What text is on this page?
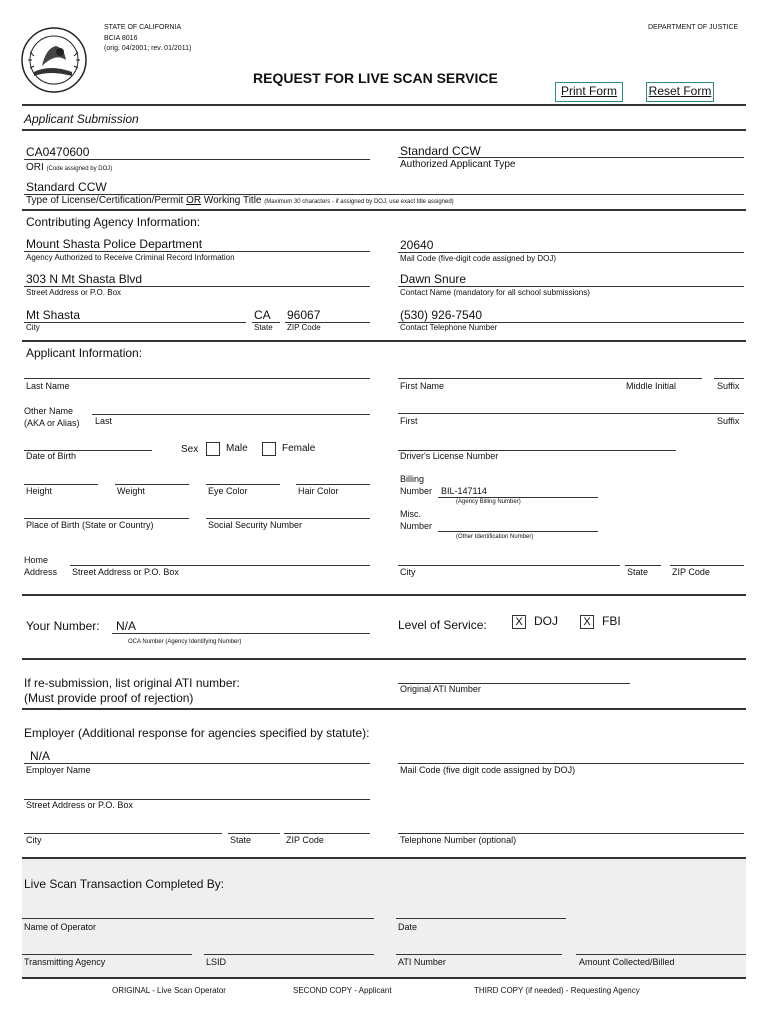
STATE OF CALIFORNIA
BCIA 8016
(orig. 04/2001; rev. 01/2011)
DEPARTMENT OF JUSTICE
REQUEST FOR LIVE SCAN SERVICE
Print Form	Reset Form
Applicant Submission
CA0470600
ORI (Code assigned by DOJ)
Standard CCW
Authorized Applicant Type
Standard CCW
Type of License/Certification/Permit OR Working Title (Maximum 30 characters - if assigned by DOJ, use exact title assigned)
Contributing Agency Information:
Mount Shasta Police Department
Agency Authorized to Receive Criminal Record Information
20640
Mail Code (five-digit code assigned by DOJ)
303 N Mt Shasta Blvd
Street Address or P.O. Box
Dawn Snure
Contact Name (mandatory for all school submissions)
Mt Shasta	CA 96067
City	State ZIP Code
(530) 926-7540
Contact Telephone Number
Applicant Information:
Last Name	First Name	Middle Initial	Suffix
Other Name
(AKA or Alias) Last	First	Suffix
Date of Birth
Sex	Male	Female
Driver's License Number
Height	Weight	Eye Color	Hair Color
Billing
Number BIL-147114
(Agency Billing Number)
Place of Birth (State or Country)	Social Security Number
Misc.
Number
(Other Identification Number)
Home
Address Street Address or P.O. Box	City	State	ZIP Code
Your Number: N/A
OCA Number (Agency Identifying Number)
Level of Service:	X DOJ	X FBI
If re-submission, list original ATI number:
(Must provide proof of rejection)
Original ATI Number
Employer (Additional response for agencies specified by statute):
N/A
Employer Name	Mail Code (five digit code assigned by DOJ)
Street Address or P.O. Box
City	State	ZIP Code	Telephone Number (optional)
Live Scan Transaction Completed By:
Name of Operator	Date
Transmitting Agency	LSID	ATI Number	Amount Collected/Billed
ORIGINAL - Live Scan Operator	SECOND COPY - Applicant	THIRD COPY (if needed) - Requesting Agency
